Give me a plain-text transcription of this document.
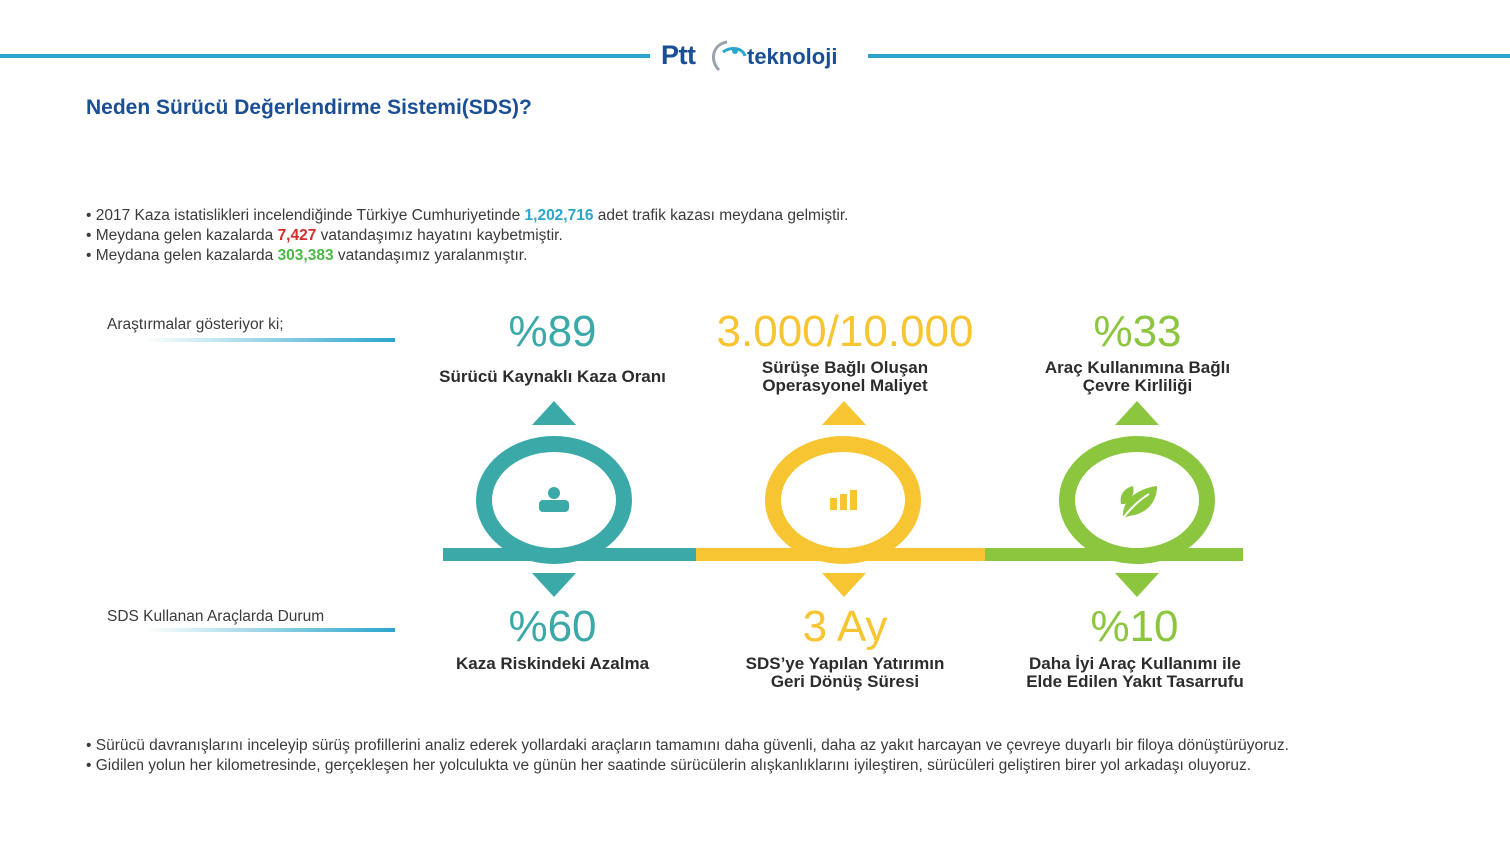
Ptt teknoloji
Neden Sürücü Değerlendirme Sistemi(SDS)?
• 2017 Kaza istatislikleri incelendiğinde Türkiye Cumhuriyetinde 1,202,716 adet trafik kazası meydana gelmiştir.
• Meydana gelen kazalarda 7,427 vatandaşımız hayatını kaybetmiştir.
• Meydana gelen kazalarda 303,383 vatandaşımız yaralanmıştır.
Araştırmalar gösteriyor ki;
SDS Kullanan Araçlarda Durum
%89
Sürücü Kaynaklı Kaza Oranı
3.000/10.000
Sürüşe Bağlı Oluşan
Operasyonel Maliyet
%33
Araç Kullanımına Bağlı
Çevre Kirliliği
%60
Kaza Riskindeki Azalma
3 Ay
SDS’ye Yapılan Yatırımın
Geri Dönüş Süresi
%10
Daha İyi Araç Kullanımı ile
Elde Edilen Yakıt Tasarrufu

• Sürücü davranışlarını inceleyip sürüş profillerini analiz ederek yollardaki araçların tamamını daha güvenli, daha az yakıt harcayan ve çevreye duyarlı bir filoya dönüştürüyoruz.

• Gidilen yolun her kilometresinde, gerçekleşen her yolculukta ve günün her saatinde sürücülerin alışkanlıklarını iyileştiren, sürücüleri geliştiren birer yol arkadaşı oluyoruz.
